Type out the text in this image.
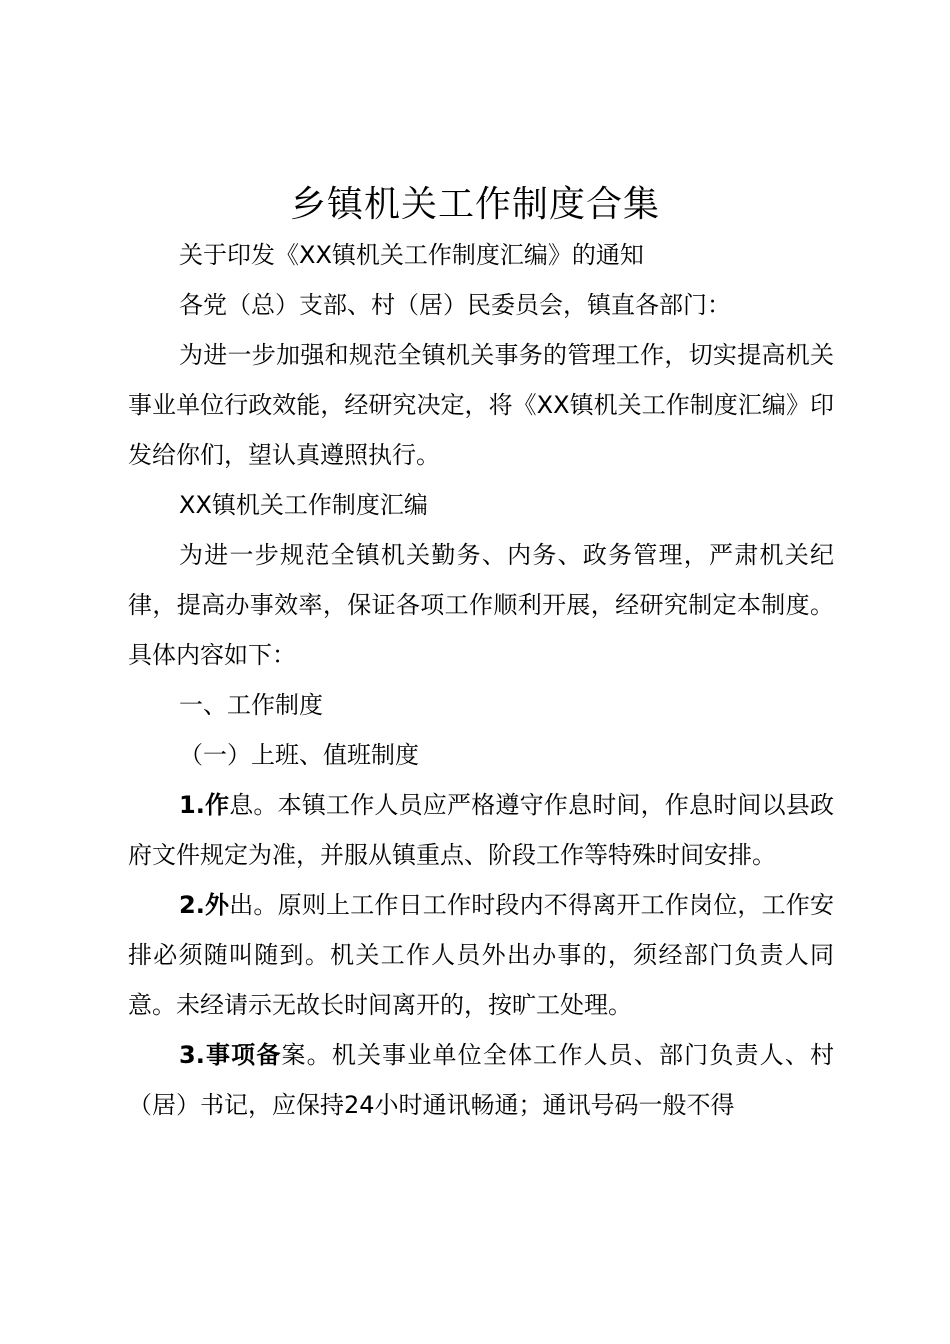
乡镇机关工作制度合集

关于印发《XX镇机关工作制度汇编》的通知

各党（总）支部、村（居）民委员会，镇直各部门：

为进一步加强和规范全镇机关事务的管理工作，切实提高机关事业单位行政效能，经研究决定，将《XX镇机关工作制度汇编》印发给你们，望认真遵照执行。

XX镇机关工作制度汇编

为进一步规范全镇机关勤务、内务、政务管理，严肃机关纪律，提高办事效率，保证各项工作顺利开展，经研究制定本制度。具体内容如下：

一、工作制度

（一）上班、值班制度

1.作息。本镇工作人员应严格遵守作息时间，作息时间以县政府文件规定为准，并服从镇重点、阶段工作等特殊时间安排。

2.外出。原则上工作日工作时段内不得离开工作岗位，工作安排必须随叫随到。机关工作人员外出办事的，须经部门负责人同意。未经请示无故长时间离开的，按旷工处理。

3.事项备案。机关事业单位全体工作人员、部门负责人、村（居）书记，应保持24小时通讯畅通；通讯号码一般不得
